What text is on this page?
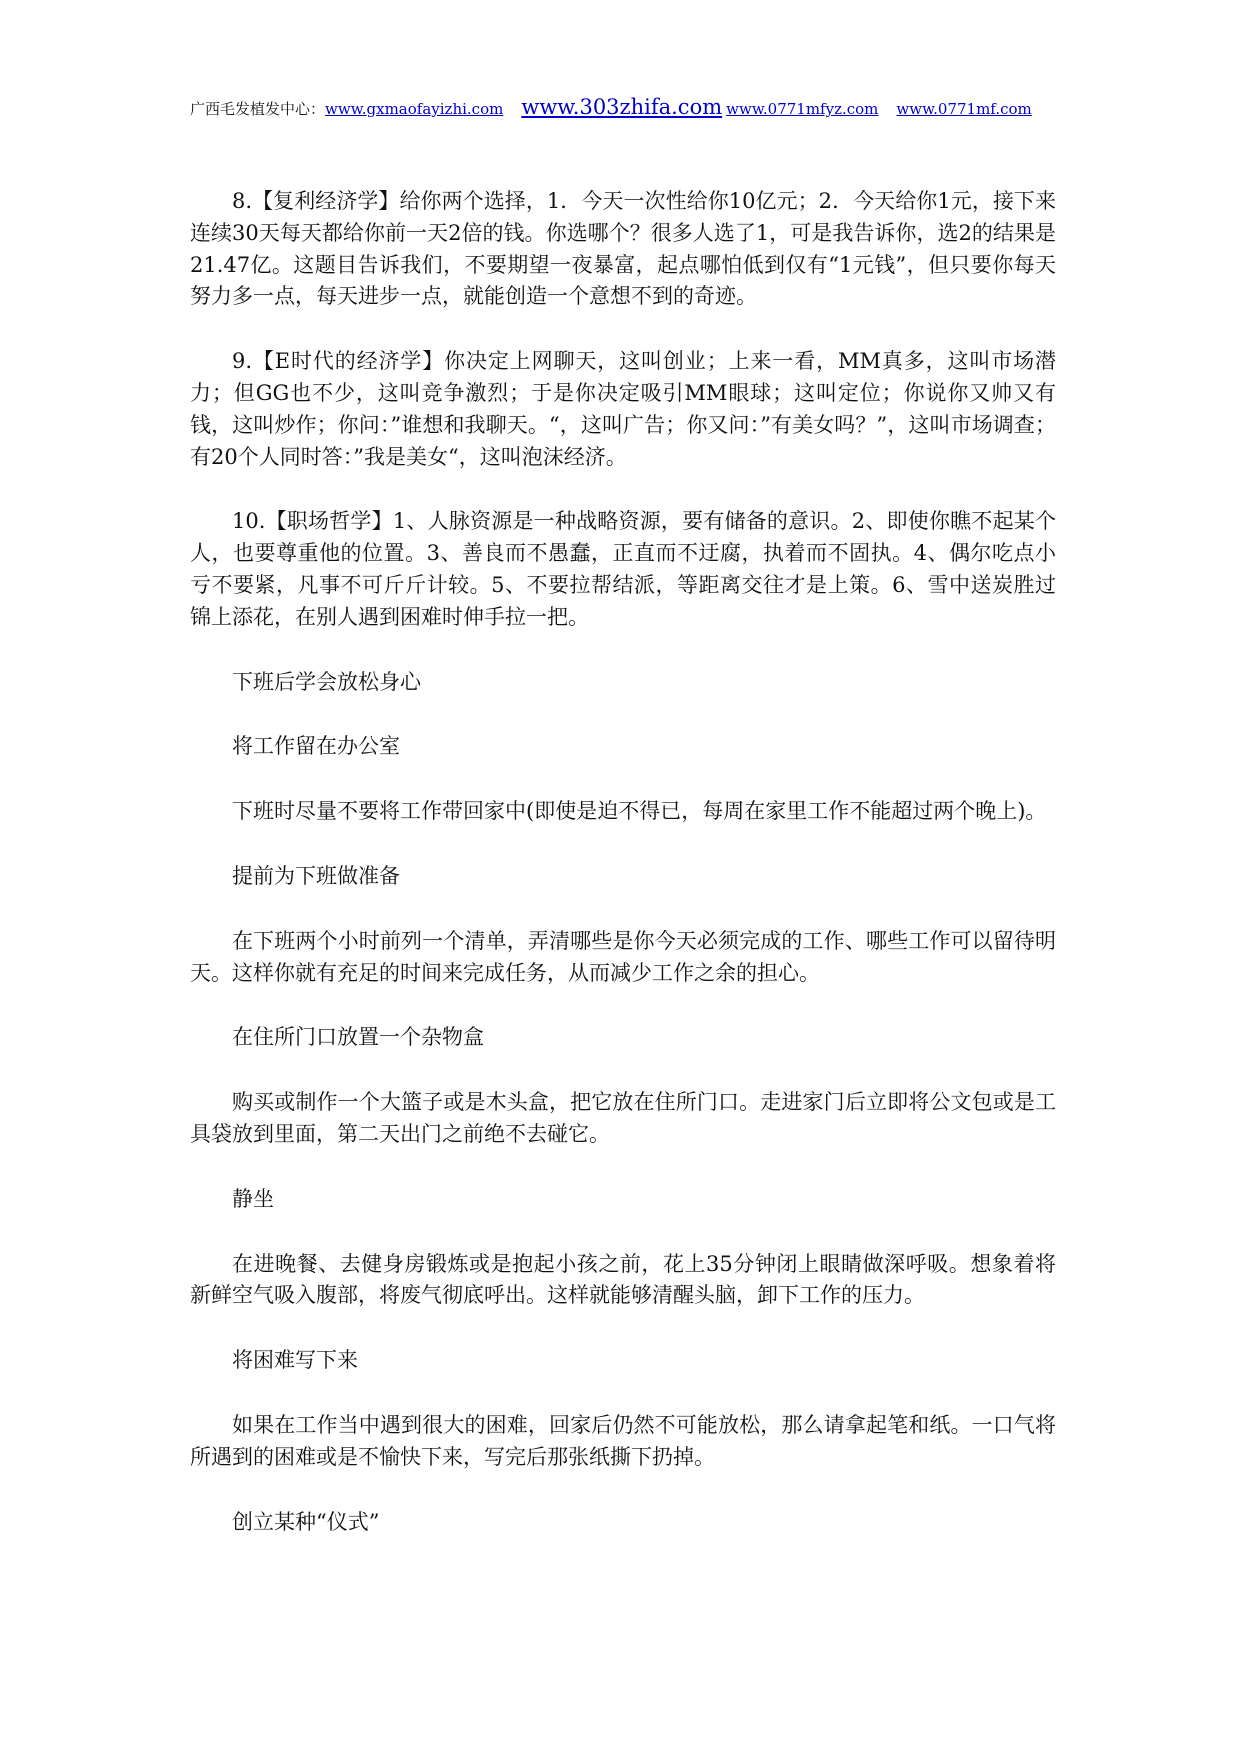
广西毛发植发中心：www.gxmaofayizhi.com www.303zhifa.com www.0771mfyz.com www.0771mf.com

8.【复利经济学】给你两个选择，1．今天一次性给你10亿元；2．今天给你1元，接下来连续30天每天都给你前一天2倍的钱。你选哪个？很多人选了1，可是我告诉你，选2的结果是21.47亿。这题目告诉我们，不要期望一夜暴富，起点哪怕低到仅有“1元钱”，但只要你每天努力多一点，每天进步一点，就能创造一个意想不到的奇迹。

9.【E时代的经济学】你决定上网聊天，这叫创业；上来一看，MM真多，这叫市场潜力；但GG也不少，这叫竞争激烈；于是你决定吸引MM眼球；这叫定位；你说你又帅又有钱，这叫炒作；你问：”谁想和我聊天。“，这叫广告；你又问：”有美女吗？”，这叫市场调查；有20个人同时答：”我是美女“，这叫泡沫经济。

10.【职场哲学】1、人脉资源是一种战略资源，要有储备的意识。2、即使你瞧不起某个人，也要尊重他的位置。3、善良而不愚蠢，正直而不迂腐，执着而不固执。4、偶尔吃点小亏不要紧，凡事不可斤斤计较。5、不要拉帮结派，等距离交往才是上策。6、雪中送炭胜过锦上添花，在别人遇到困难时伸手拉一把。

下班后学会放松身心

将工作留在办公室

下班时尽量不要将工作带回家中(即使是迫不得已，每周在家里工作不能超过两个晚上)。

提前为下班做准备

在下班两个小时前列一个清单，弄清哪些是你今天必须完成的工作、哪些工作可以留待明天。这样你就有充足的时间来完成任务，从而减少工作之余的担心。

在住所门口放置一个杂物盒

购买或制作一个大篮子或是木头盒，把它放在住所门口。走进家门后立即将公文包或是工具袋放到里面，第二天出门之前绝不去碰它。

静坐

在进晚餐、去健身房锻炼或是抱起小孩之前，花上35分钟闭上眼睛做深呼吸。想象着将新鲜空气吸入腹部，将废气彻底呼出。这样就能够清醒头脑，卸下工作的压力。

将困难写下来

如果在工作当中遇到很大的困难，回家后仍然不可能放松，那么请拿起笔和纸。一口气将所遇到的困难或是不愉快下来，写完后那张纸撕下扔掉。

创立某种“仪式”
